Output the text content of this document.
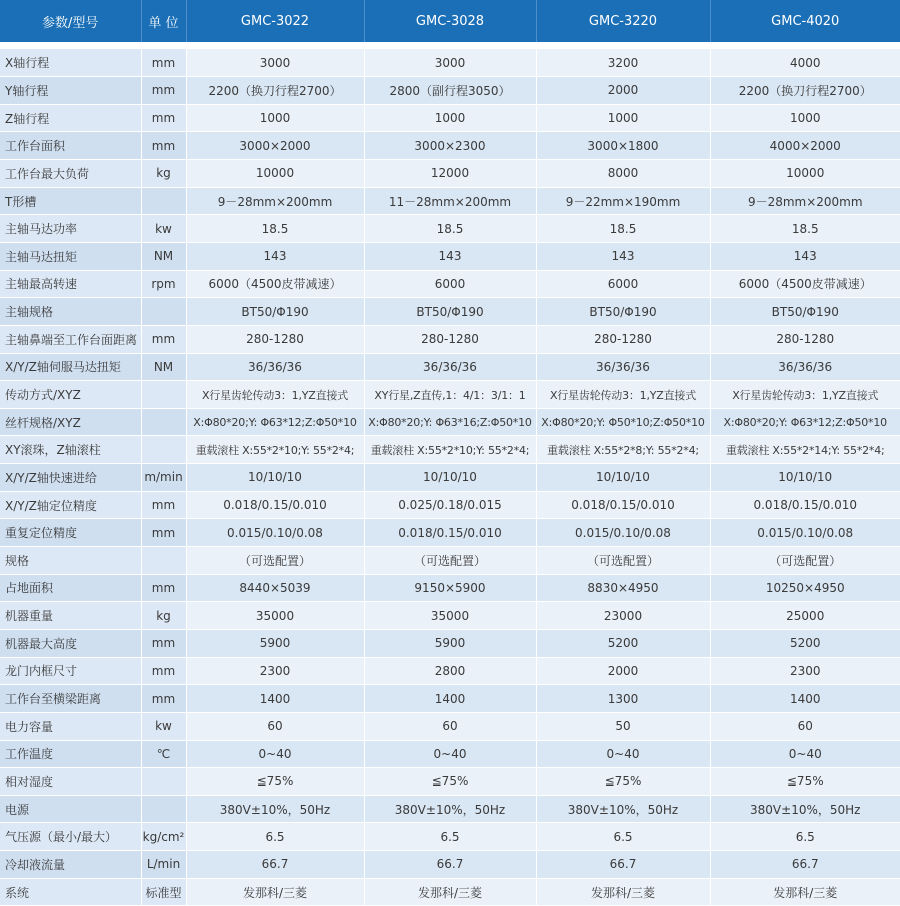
参数/型号	单 位	GMC-3022	GMC-3028	GMC-3220	GMC-4020

X轴行程	mm	3000	3000	3200	4000
Y轴行程	mm	2200（换刀行程2700）	2800（副行程3050）	2000	2200（换刀行程2700）
Z轴行程	mm	1000	1000	1000	1000
工作台面积	mm	3000×2000	3000×2300	3000×1800	4000×2000
工作台最大负荷	kg	10000	12000	8000	10000
T形槽		9－28mm×200mm	11－28mm×200mm	9－22mm×190mm	9－28mm×200mm
主轴马达功率	kw	18.5	18.5	18.5	18.5
主轴马达扭矩	NM	143	143	143	143
主轴最高转速	rpm	6000（4500皮带减速）	6000	6000	6000（4500皮带减速）
主轴规格		BT50/Φ190	BT50/Φ190	BT50/Φ190	BT50/Φ190
主轴鼻端至工作台面距离	mm	280-1280	280-1280	280-1280	280-1280
X/Y/Z轴伺服马达扭矩	NM	36/36/36	36/36/36	36/36/36	36/36/36
传动方式/XYZ		X行星齿轮传动3：1,YZ直接式	XY行星,Z直传,1：4/1：3/1：1	X行星齿轮传动3：1,YZ直接式	X行星齿轮传动3：1,YZ直接式
丝杆规格/XYZ		X:Φ80*20;Y: Φ63*12;Z:Φ50*10	X:Φ80*20;Y: Φ63*16;Z:Φ50*10	X:Φ80*20;Y: Φ50*10;Z:Φ50*10	X:Φ80*20;Y: Φ63*12;Z:Φ50*10
XY滚珠，Z轴滚柱		重载滚柱 X:55*2*10;Y: 55*2*4;	重载滚柱 X:55*2*10;Y: 55*2*4;	重载滚柱 X:55*2*8;Y: 55*2*4;	重载滚柱 X:55*2*14;Y: 55*2*4;
X/Y/Z轴快速进给	m/min	10/10/10	10/10/10	10/10/10	10/10/10
X/Y/Z轴定位精度	mm	0.018/0.15/0.010	0.025/0.18/0.015	0.018/0.15/0.010	0.018/0.15/0.010
重复定位精度	mm	0.015/0.10/0.08	0.018/0.15/0.010	0.015/0.10/0.08	0.015/0.10/0.08
规格		（可选配置）	（可选配置）	（可选配置）	（可选配置）
占地面积	mm	8440×5039	9150×5900	8830×4950	10250×4950
机器重量	kg	35000	35000	23000	25000
机器最大高度	mm	5900	5900	5200	5200
龙门内框尺寸	mm	2300	2800	2000	2300
工作台至横梁距离	mm	1400	1400	1300	1400
电力容量	kw	60	60	50	60
工作温度	℃	0~40	0~40	0~40	0~40
相对湿度		≦75%	≦75%	≦75%	≦75%
电源		380V±10%，50Hz	380V±10%，50Hz	380V±10%，50Hz	380V±10%，50Hz
气压源（最小/最大）	kg/cm²	6.5	6.5	6.5	6.5
冷却液流量	L/min	66.7	66.7	66.7	66.7
系统	标准型	发那科/三菱	发那科/三菱	发那科/三菱	发那科/三菱
